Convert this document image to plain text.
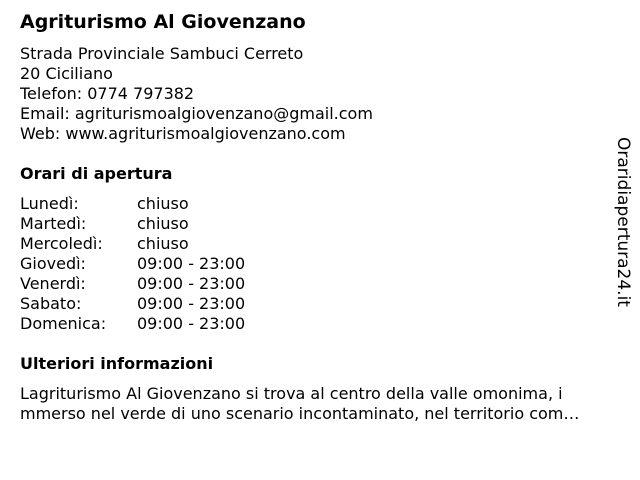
Agriturismo Al Giovenzano
Strada Provinciale Sambuci Cerreto
20 Ciciliano
Telefon: 0774 797382
Email: agriturismoalgiovenzano@gmail.com
Web: www.agriturismoalgiovenzano.com
Orari di apertura
Lunedì:	chiuso
Martedì:	chiuso
Mercoledì:	chiuso
Giovedì:	09:00 - 23:00
Venerdì:	09:00 - 23:00
Sabato:	09:00 - 23:00
Domenica:	09:00 - 23:00
Ulteriori informazioni
Lagriturismo Al Giovenzano si trova al centro della valle omonima, i
mmerso nel verde di uno scenario incontaminato, nel territorio com…
Oraridiapertura24.it
